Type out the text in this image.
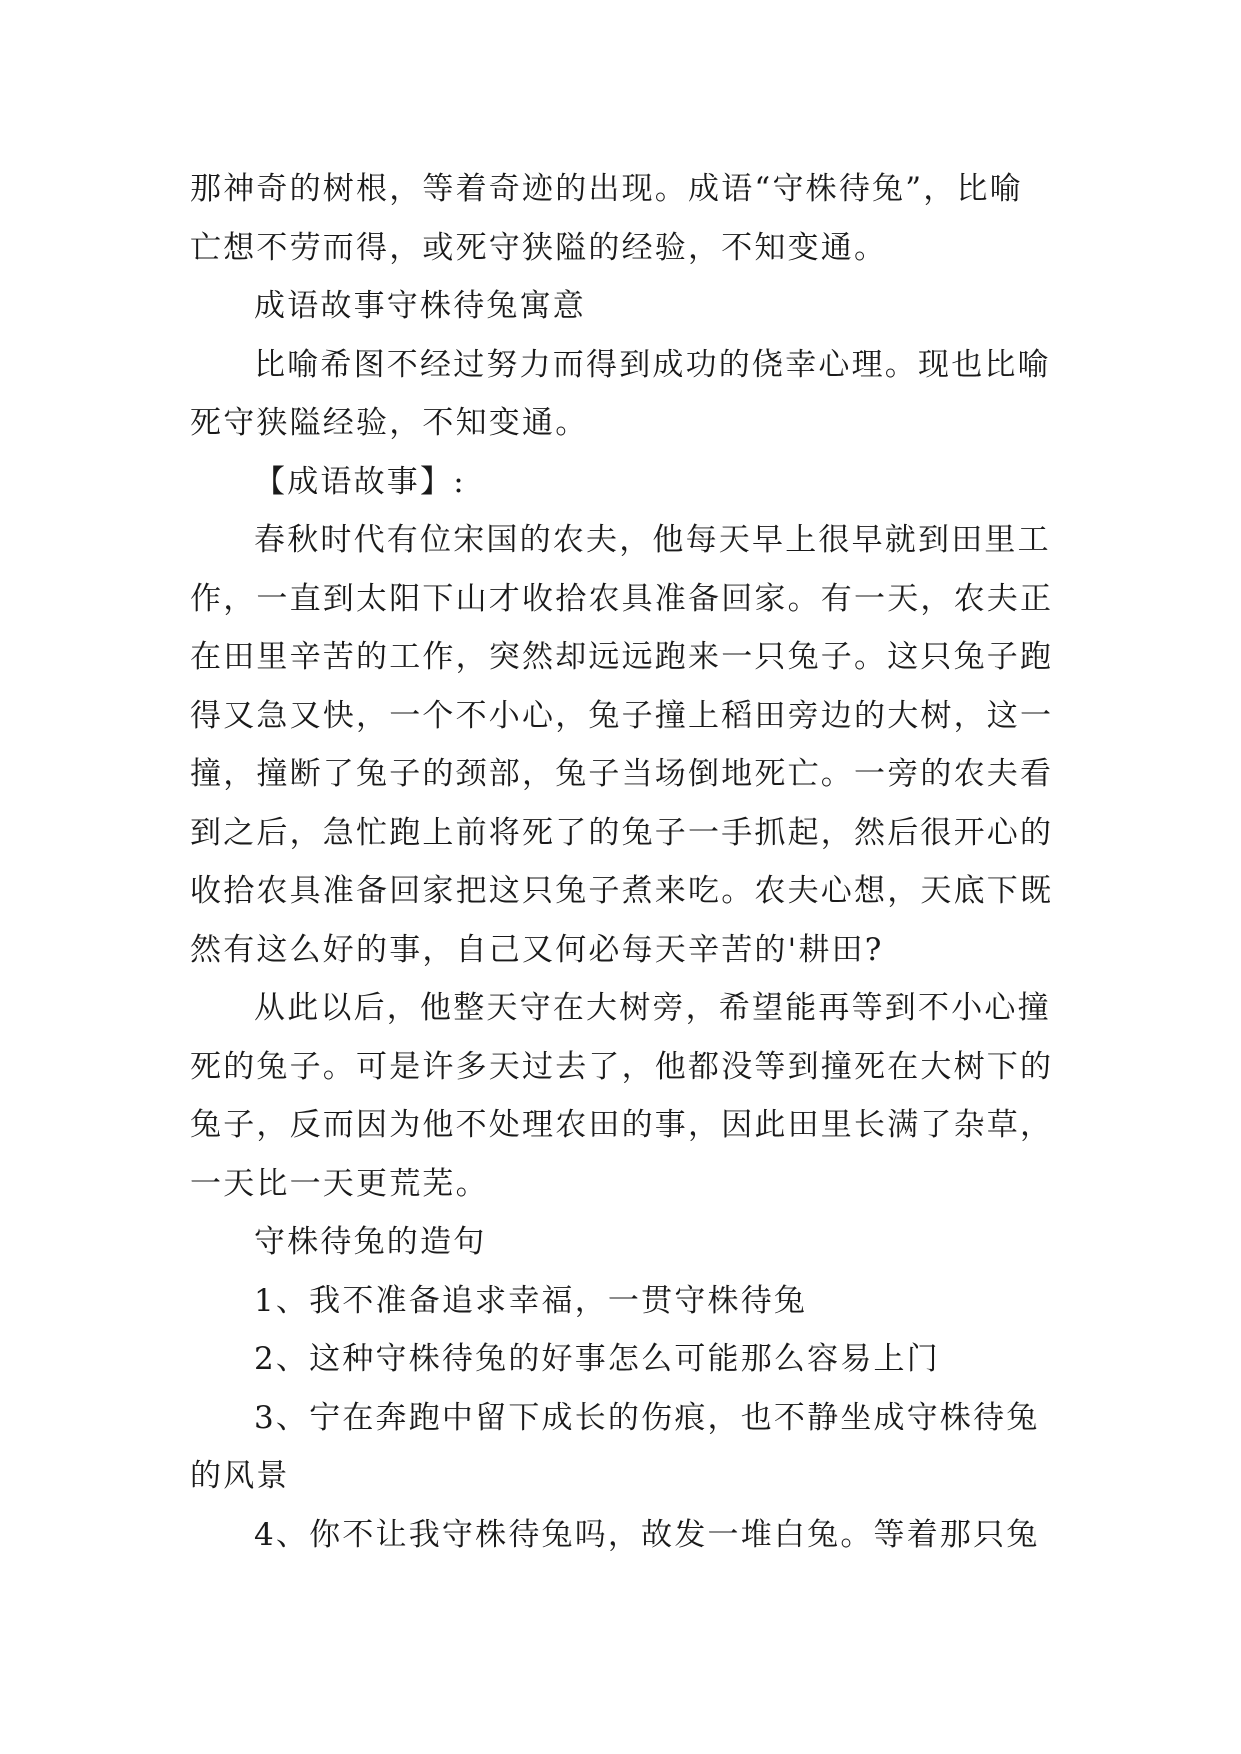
那神奇的树根，等着奇迹的出现。成语“守株待兔”，比喻
亡想不劳而得，或死守狭隘的经验，不知变通。
成语故事守株待兔寓意
比喻希图不经过努力而得到成功的侥幸心理。现也比喻
死守狭隘经验，不知变通。
【成语故事】:
春秋时代有位宋国的农夫，他每天早上很早就到田里工
作，一直到太阳下山才收拾农具准备回家。有一天，农夫正
在田里辛苦的工作，突然却远远跑来一只兔子。这只兔子跑
得又急又快，一个不小心，兔子撞上稻田旁边的大树，这一
撞，撞断了兔子的颈部，兔子当场倒地死亡。一旁的农夫看
到之后，急忙跑上前将死了的兔子一手抓起，然后很开心的
收拾农具准备回家把这只兔子煮来吃。农夫心想，天底下既
然有这么好的事，自己又何必每天辛苦的'耕田?
从此以后，他整天守在大树旁，希望能再等到不小心撞
死的兔子。可是许多天过去了，他都没等到撞死在大树下的
兔子，反而因为他不处理农田的事，因此田里长满了杂草，
一天比一天更荒芜。
守株待兔的造句
1、我不准备追求幸福，一贯守株待兔
2、这种守株待兔的好事怎么可能那么容易上门
3、宁在奔跑中留下成长的伤痕，也不静坐成守株待兔
的风景
4、你不让我守株待兔吗，故发一堆白兔。等着那只兔
